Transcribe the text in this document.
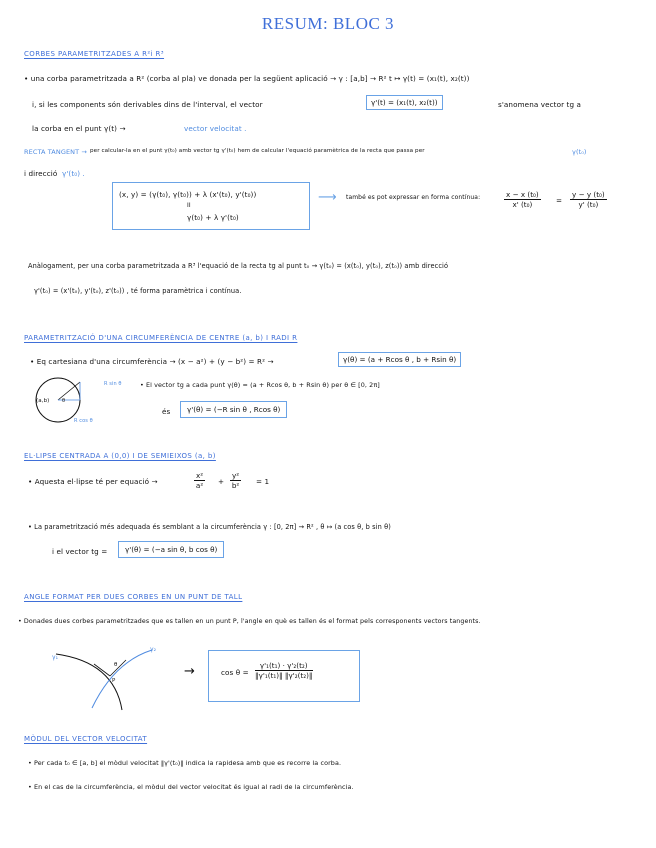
RESUM: BLOC 3
CORBES PARAMETRITZADES A R²i R³
• una corba parametritzada a R² (corba al pla) ve donada per la següent aplicació → γ : [a,b] → R² t ↦ γ(t) = (x₁(t), x₂(t))
i, si les components són derivables dins de l'interval, el vector	γ'(t) = (x₁(t), x₂(t))	s'anomena vector tg a
la corba en el punt γ(t) →	vector velocitat .
RECTA TANGENT → per calcular-la en el punt γ(t₀) amb vector tg γ'(t₀) hem de calcular l'equació paramètrica de la recta que passa per	γ(t₀)
i direcció γ'(t₀) .
(x, y) = (γ(t₀), γ(t₀)) + λ (x'(t₀), y'(t₀))
II
γ(t₀) + λ γ'(t₀)
⟶ també es pot expressar en forma contínua:	$\frac{\text{x − x (t₀)}}{\text{x' (t₀)}} = \frac{\text{y − y (t₀)}}{\text{y' (t₀)}}$
Anàlogament, per una corba parametritzada a R³ l'equació de la recta tg al punt t₀ → γ(t₀) = (x(t₀), y(t₀), z(t₀)) amb direcció
γ'(t₀) = (x'(t₀), y'(t₀), z'(t₀)) , té forma paramètrica i contínua.
PARAMETRITZACIÓ D'UNA CIRCUMFERÈNCIA DE CENTRE (a, b) I RADI R
• Eq cartesiana d'una circumferència → (x − a²) + (y − b²) = R² →	γ(θ) = (a + Rcos θ , b + Rsin θ)
(a,b)	θ
R sin θ
R cos θ
• El vector tg a cada punt γ(θ) = (a + Rcos θ, b + Rsin θ) per θ ∈ [0, 2π]
és	γ'(θ) = (−R sin θ , Rcos θ)
EL·LIPSE CENTRADA A (0,0) I DE SEMIEIXOS (a, b)
• Aquesta el·lipse té per equació →	$\frac{\text{x²}}{\text{a²}} + \frac{\text{y²}}{\text{b²}} = 1$
• La parametrització més adequada és semblant a la circumferència γ : [0, 2π] → R² , θ ↦ (a cos θ, b sin θ)
i el vector tg =	γ'(θ) = (−a sin θ, b cos θ)
ANGLE FORMAT PER DUES CORBES EN UN PUNT DE TALL
• Donades dues corbes parametritzades que es tallen en un punt P, l'angle en què es tallen és el format pels corresponents vectors tangents.
γ₁
γ₂
θ
P
→	$\cos \theta = \frac{\text{γ'₁(t₁) · γ'₂(t₂)}}{\text{‖γ'₁(t₁)‖ ‖γ'₂(t₂)‖}}$
MÒDUL DEL VECTOR VELOCITAT
• Per cada t₀ ∈ [a, b] el mòdul velocitat ‖γ'(t₀)‖ indica la rapidesa amb que es recorre la corba.
• En el cas de la circumferència, el mòdul del vector velocitat és igual al radi de la circumferència.
